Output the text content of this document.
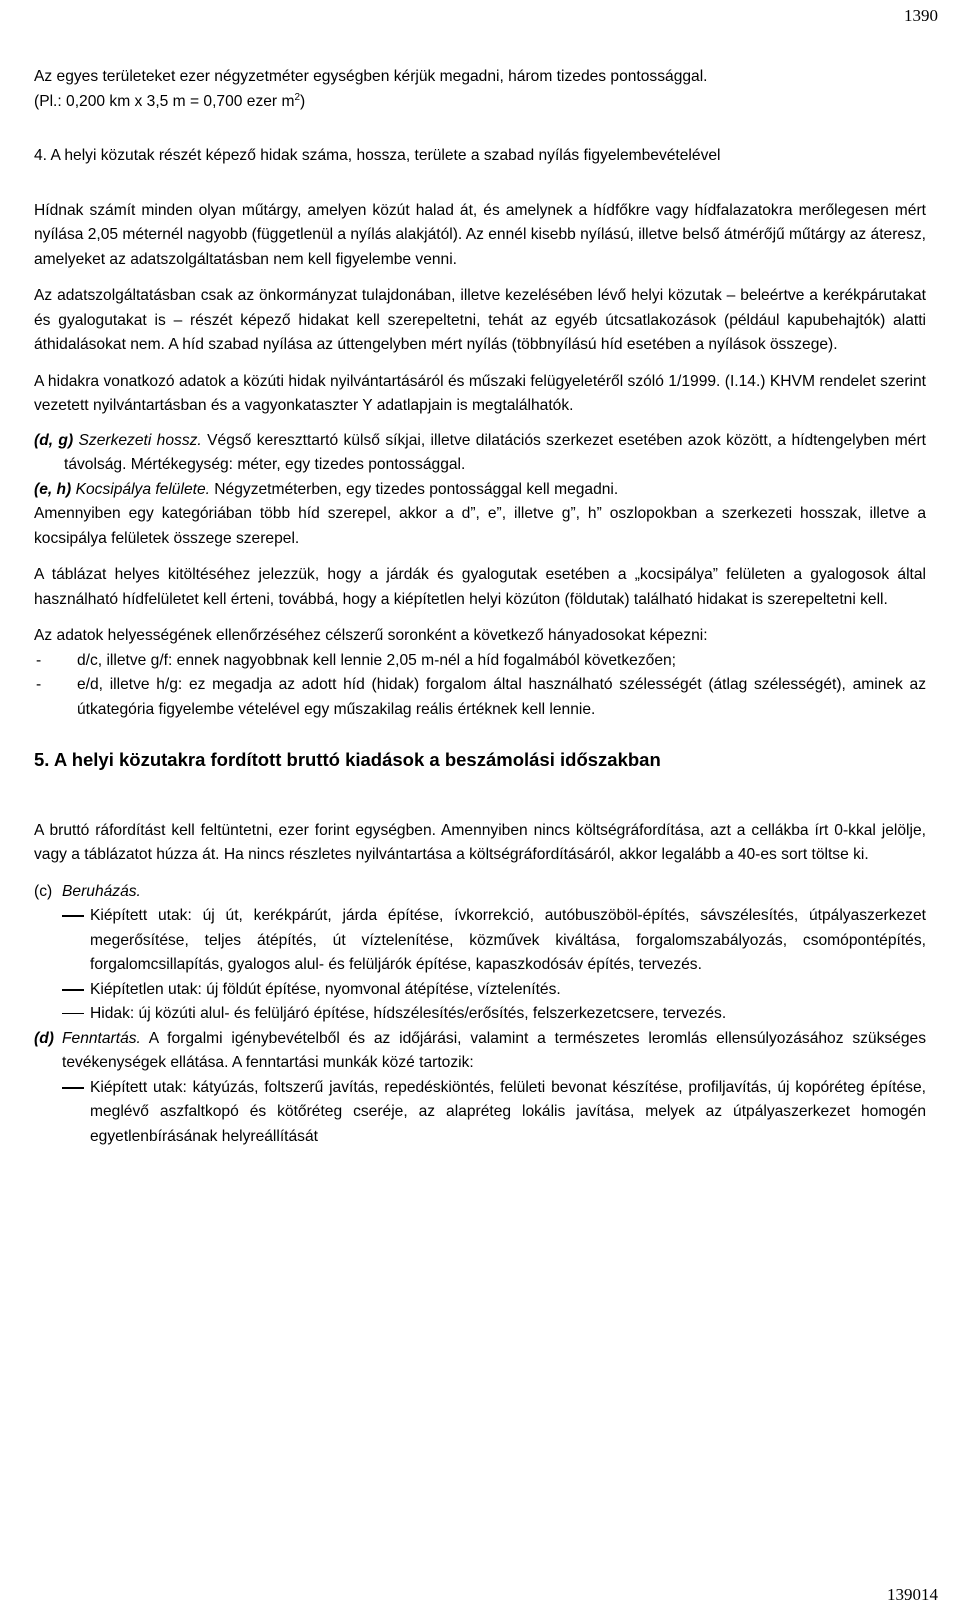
1390

Az egyes területeket ezer négyzetméter egységben kérjük megadni, három tizedes pontossággal.

(Pl.: 0,200 km x 3,5 m = 0,700 ezer $m^2$)

4. A helyi közutak részét képező hidak száma, hossza, területe a szabad nyílás figyelembevételével

Hídnak számít minden olyan műtárgy, amelyen közút halad át, és amelynek a hídfőkre vagy hídfalazatokra merőlegesen mért nyílása 2,05 méternél nagyobb (függetlenül a nyílás alakjától). Az ennél kisebb nyílású, illetve belső átmérőjű műtárgy az áteresz, amelyeket az adatszolgáltatásban nem kell figyelembe venni.

Az adatszolgáltatásban csak az önkormányzat tulajdonában, illetve kezelésében lévő helyi közutak – beleértve a kerékpárutakat és gyalogutakat is – részét képező hidakat kell szerepeltetni, tehát az egyéb útcsatlakozások (például kapubehajtók) alatti áthidalásokat nem. A híd szabad nyílása az úttengelyben mért nyílás (többnyílású híd esetében a nyílások összege).

A hidakra vonatkozó adatok a közúti hidak nyilvántartásáról és műszaki felügyeletéről szóló 1/1999. (I.14.) KHVM rendelet szerint vezetett nyilvántartásban és a vagyonkataszter Y adatlapjain is megtalálhatók.

(d, g) Szerkezeti hossz. Végső kereszttartó külső síkjai, illetve dilatációs szerkezet esetében azok között, a hídtengelyben mért távolság. Mértékegység: méter, egy tizedes pontossággal.

(e, h) Kocsipálya felülete. Négyzetméterben, egy tizedes pontossággal kell megadni.

Amennyiben egy kategóriában több híd szerepel, akkor a d”, e”, illetve g”, h” oszlopokban a szerkezeti hosszak, illetve a kocsipálya felületek összege szerepel.

A táblázat helyes kitöltéséhez jelezzük, hogy a járdák és gyalogutak esetében a „kocsipálya” felületen a gyalogosok által használható hídfelületet kell érteni, továbbá, hogy a kiépítetlen helyi közúton (földutak) található hidakat is szerepeltetni kell.

Az adatok helyességének ellenőrzéséhez célszerű soronként a következő hányadosokat képezni:

- d/c, illetve g/f: ennek nagyobbnak kell lennie 2,05 m-nél a híd fogalmából következően;
- e/d, illetve h/g: ez megadja az adott híd (hidak) forgalom által használható szélességét (átlag szélességét), aminek az útkategória figyelembe vételével egy műszakilag reális értéknek kell lennie.

5. A helyi közutakra fordított bruttó kiadások a beszámolási időszakban

A bruttó ráfordítást kell feltüntetni, ezer forint egységben. Amennyiben nincs költségráfordítása, azt a cellákba írt 0-kkal jelölje, vagy a táblázatot húzza át. Ha nincs részletes nyilvántartása a költségráfordításáról, akkor legalább a 40-es sort töltse ki.

(c) Beruházás.
Kiépített utak: új út, kerékpárút, járda építése, ívkorrekció, autóbuszöböl-építés, sávszélesítés, útpályaszerkezet megerősítése, teljes átépítés, út víztelenítése, közművek kiváltása, forgalomszabályozás, csomópontépítés, forgalomcsillapítás, gyalogos alul- és felüljárók építése, kapaszkodósáv építés, tervezés.
Kiépítetlen utak: új földút építése, nyomvonal átépítése, víztelenítés.
Hidak: új közúti alul- és felüljáró építése, hídszélesítés/erősítés, felszerkezetcsere, tervezés.
(d) Fenntartás. A forgalmi igénybevételből és az időjárási, valamint a természetes leromlás ellensúlyozásához szükséges tevékenységek ellátása. A fenntartási munkák közé tartozik:

Kiépített utak: kátyúzás, foltszerű javítás, repedéskiöntés, felületi bevonat készítése, profiljavítás, új kopóréteg építése, meglévő aszfaltkopó és kötőréteg cseréje, az alapréteg lokális javítása, melyek az útpályaszerkezet homogén egyetlenbírásának helyreállítását
139014
